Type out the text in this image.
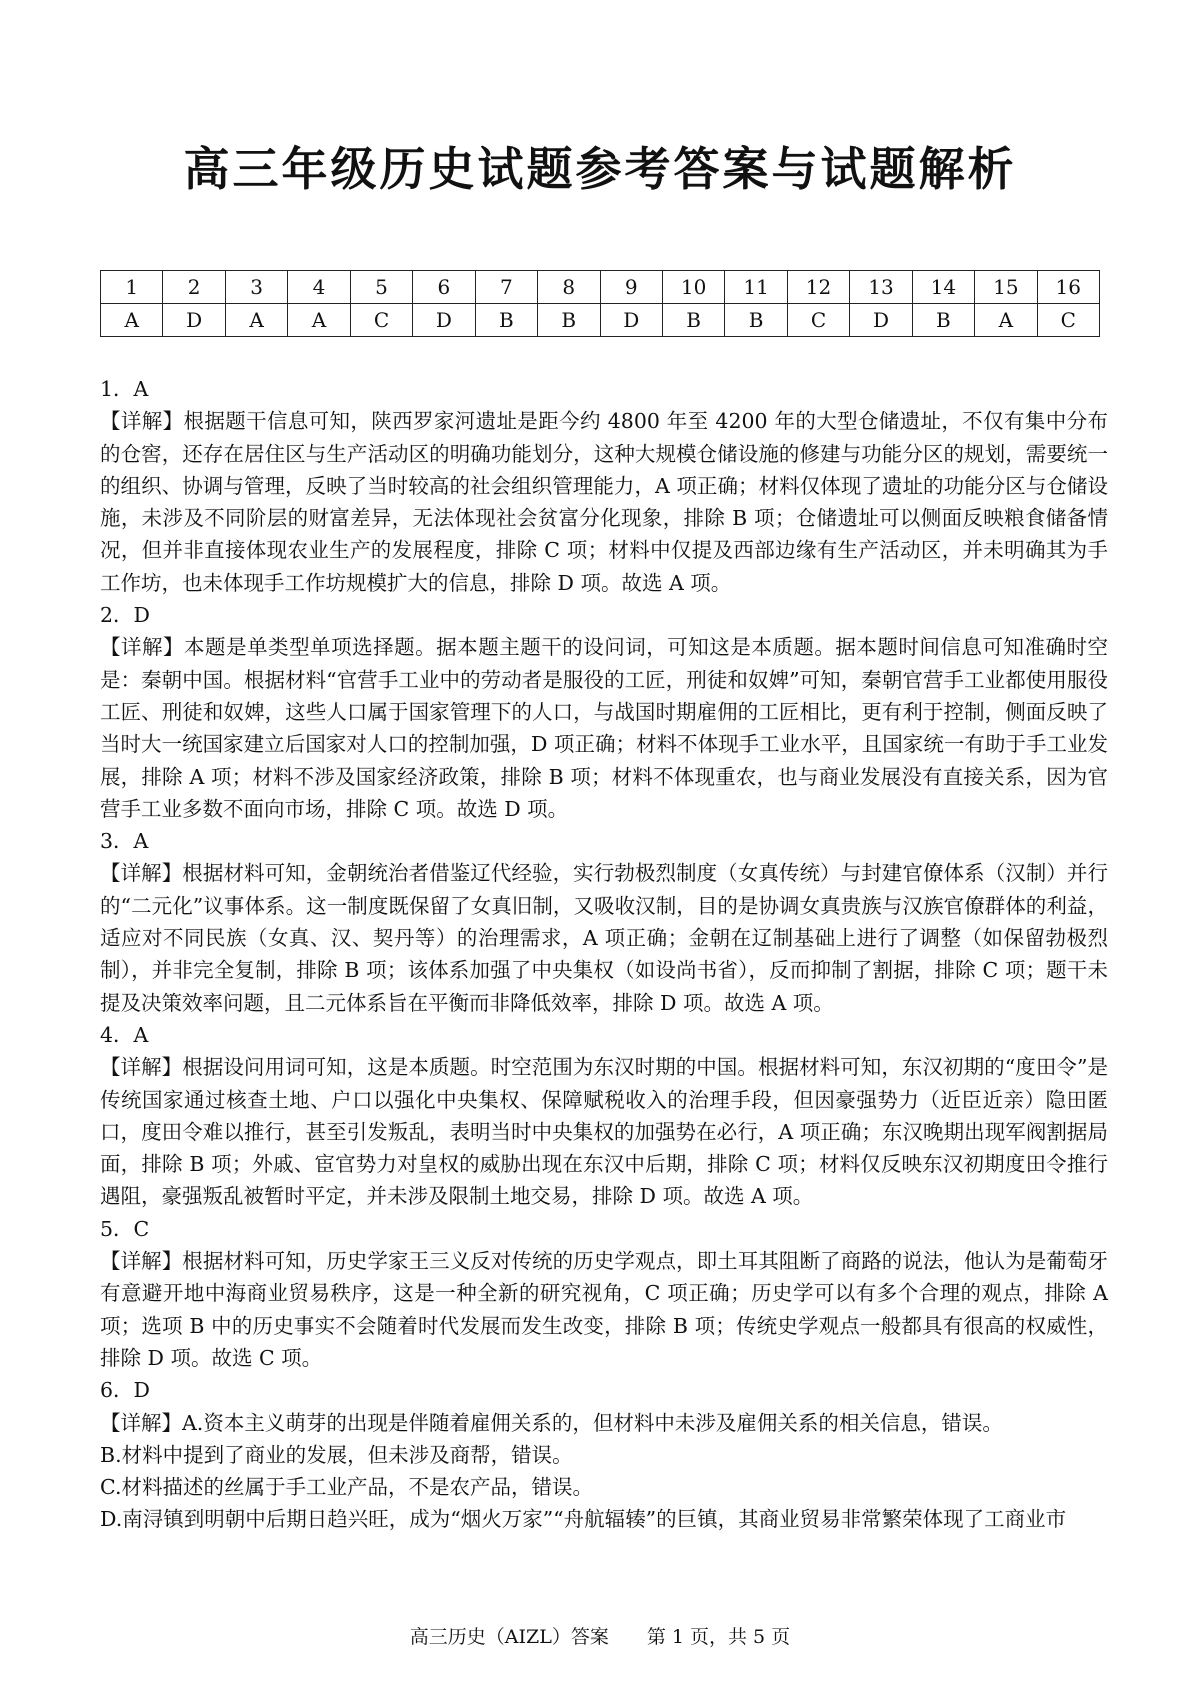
高三年级历史试题参考答案与试题解析
1	2	3	4	5	6	7	8	9	10	11	12	13	14	15	16
A	D	A	A	C	D	B	B	D	B	B	C	D	B	A	C

1．A

【详解】根据题干信息可知，陕西罗家河遗址是距今约 4800 年至 4200 年的大型仓储遗址，不仅有集中分布的仓窖，还存在居住区与生产活动区的明确功能划分，这种大规模仓储设施的修建与功能分区的规划，需要统一的组织、协调与管理，反映了当时较高的社会组织管理能力，A 项正确；材料仅体现了遗址的功能分区与仓储设施，未涉及不同阶层的财富差异，无法体现社会贫富分化现象，排除 B 项；仓储遗址可以侧面反映粮食储备情况，但并非直接体现农业生产的发展程度，排除 C 项；材料中仅提及西部边缘有生产活动区，并未明确其为手工作坊，也未体现手工作坊规模扩大的信息，排除 D 项。故选 A 项。

2．D

【详解】本题是单类型单项选择题。据本题主题干的设问词，可知这是本质题。据本题时间信息可知准确时空是：秦朝中国。根据材料“官营手工业中的劳动者是服役的工匠，刑徒和奴婢”可知，秦朝官营手工业都使用服役工匠、刑徒和奴婢，这些人口属于国家管理下的人口，与战国时期雇佣的工匠相比，更有利于控制，侧面反映了当时大一统国家建立后国家对人口的控制加强，D 项正确；材料不体现手工业水平，且国家统一有助于手工业发展，排除 A 项；材料不涉及国家经济政策，排除 B 项；材料不体现重农，也与商业发展没有直接关系，因为官营手工业多数不面向市场，排除 C 项。故选 D 项。

3．A

【详解】根据材料可知，金朝统治者借鉴辽代经验，实行勃极烈制度（女真传统）与封建官僚体系（汉制）并行的“二元化”议事体系。这一制度既保留了女真旧制，又吸收汉制，目的是协调女真贵族与汉族官僚群体的利益，适应对不同民族（女真、汉、契丹等）的治理需求，A 项正确；金朝在辽制基础上进行了调整（如保留勃极烈制），并非完全复制，排除 B 项；该体系加强了中央集权（如设尚书省），反而抑制了割据，排除 C 项；题干未提及决策效率问题，且二元体系旨在平衡而非降低效率，排除 D 项。故选 A 项。

4．A

【详解】根据设问用词可知，这是本质题。时空范围为东汉时期的中国。根据材料可知，东汉初期的“度田令”是传统国家通过核查土地、户口以强化中央集权、保障赋税收入的治理手段，但因豪强势力（近臣近亲）隐田匿口，度田令难以推行，甚至引发叛乱，表明当时中央集权的加强势在必行，A 项正确；东汉晚期出现军阀割据局面，排除 B 项；外戚、宦官势力对皇权的威胁出现在东汉中后期，排除 C 项；材料仅反映东汉初期度田令推行遇阻，豪强叛乱被暂时平定，并未涉及限制土地交易，排除 D 项。故选 A 项。

5．C

【详解】根据材料可知，历史学家王三义反对传统的历史学观点，即土耳其阻断了商路的说法，他认为是葡萄牙有意避开地中海商业贸易秩序，这是一种全新的研究视角，C 项正确；历史学可以有多个合理的观点，排除 A 项；选项 B 中的历史事实不会随着时代发展而发生改变，排除 B 项；传统史学观点一般都具有很高的权威性，排除 D 项。故选 C 项。

6．D

【详解】A.资本主义萌芽的出现是伴随着雇佣关系的，但材料中未涉及雇佣关系的相关信息，错误。

B.材料中提到了商业的发展，但未涉及商帮，错误。

C.材料描述的丝属于手工业产品，不是农产品，错误。

D.南浔镇到明朝中后期日趋兴旺，成为“烟火万家”“舟航辐辏”的巨镇，其商业贸易非常繁荣体现了工商业市

高三历史（AIZL）答案　　第 1 页，共 5 页
